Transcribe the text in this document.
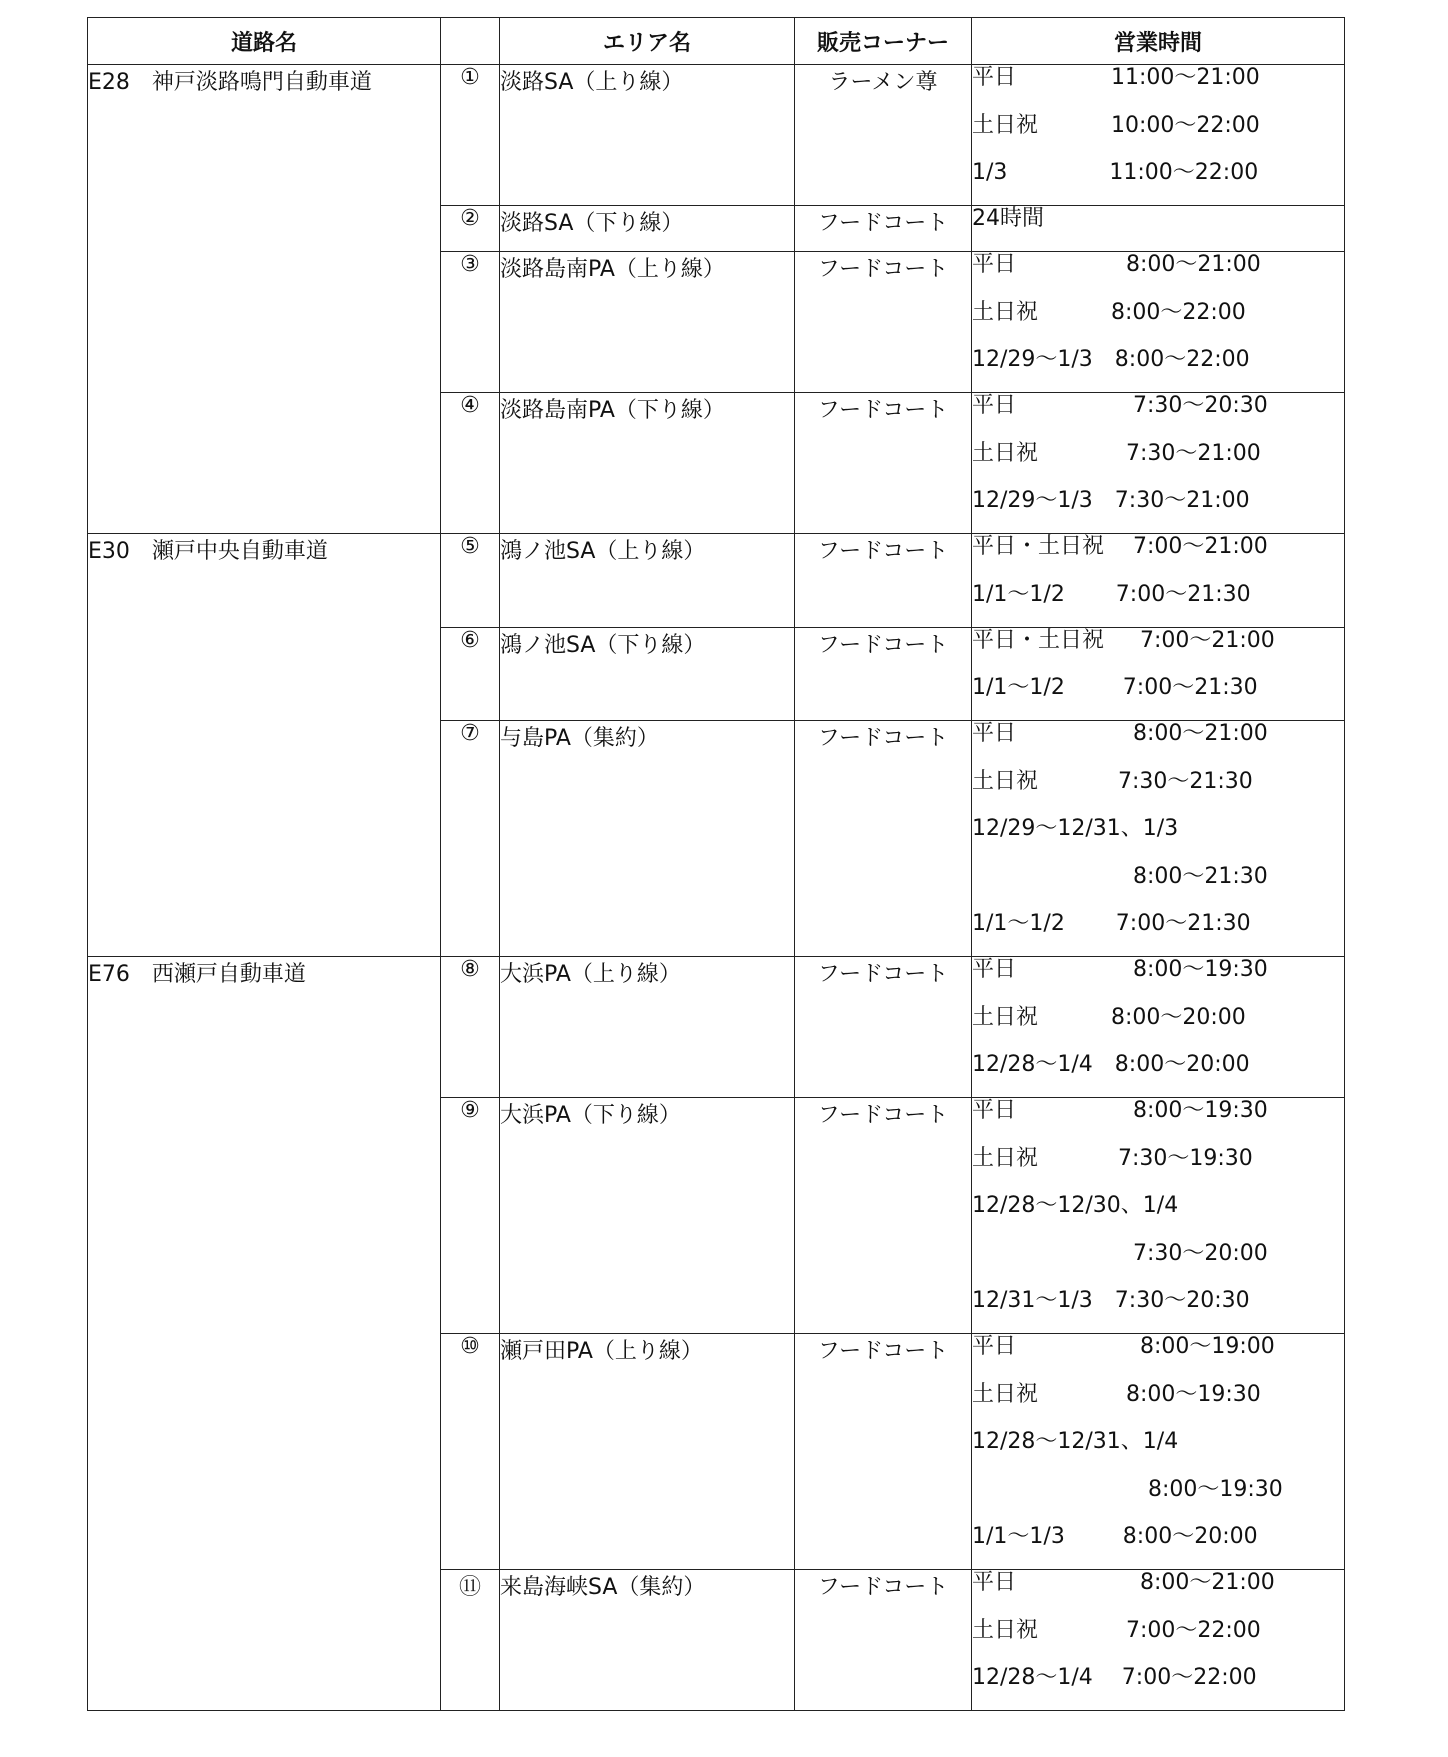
道路名		エリア名	販売コーナー	営業時間
E28　神戸淡路鳴門自動車道	①	淡路SA（上り線）	ラーメン尊	平日　　　　 11:00～21:00
土日祝　　　 10:00～22:00
1/3　　　　  11:00～22:00

	②	淡路SA（下り線）	フードコート	24時間

	③	淡路島南PA（上り線）	フードコート	平日　　　　　8:00～21:00
土日祝　　　 8:00～22:00
12/29～1/3　8:00～22:00

	④	淡路島南PA（下り線）	フードコート	平日　　　　　 7:30～20:30
土日祝　　　　7:30～21:00
12/29～1/3　7:30～21:00

E30　瀬戸中央自動車道	⑤	鴻ノ池SA（上り線）	フードコート	平日・土日祝　 7:00～21:00
1/1～1/2　　 7:00～21:30

	⑥	鴻ノ池SA（下り線）	フードコート	平日・土日祝　  7:00～21:00
1/1～1/2　　  7:00～21:30

	⑦	与島PA（集約）	フードコート	平日　　　　　 8:00～21:00
土日祝　　　  7:30～21:30
12/29～12/31、1/3
　　　　　　　 8:00～21:30
1/1～1/2　　 7:00～21:30

E76　西瀬戸自動車道	⑧	大浜PA（上り線）	フードコート	平日　　　　　 8:00～19:30
土日祝　　　 8:00～20:00
12/28～1/4　8:00～20:00

	⑨	大浜PA（下り線）	フードコート	平日　　　　　 8:00～19:30
土日祝　　　  7:30～19:30
12/28～12/30、1/4
　　　　　　　 7:30～20:00
12/31～1/3　7:30～20:30

	⑩	瀬戸田PA（上り線）	フードコート	平日　　　　　  8:00～19:00
土日祝　　　　8:00～19:30
12/28～12/31、1/4
　　　　　　　　8:00～19:30
1/1～1/3　　  8:00～20:00

	⑪	来島海峡SA（集約）	フードコート	平日　　　　　  8:00～21:00
土日祝　　　　7:00～22:00
12/28～1/4　 7:00～22:00
